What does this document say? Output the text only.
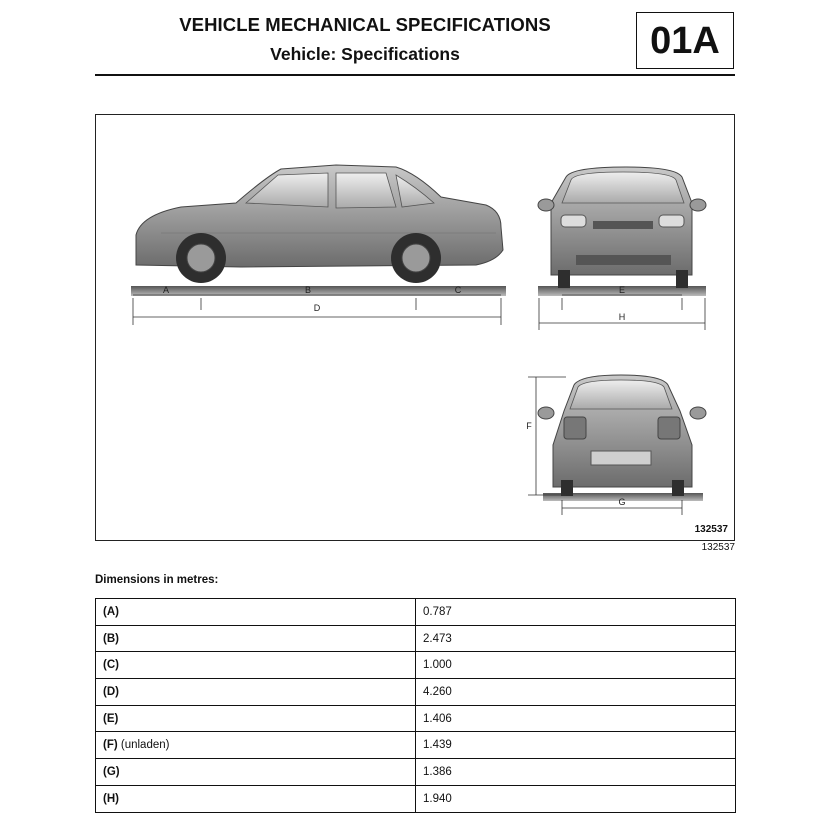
VEHICLE MECHANICAL SPECIFICATIONS
Vehicle: Specifications	01A
A	B	C
D
E
H
F
G
132537
132537
Dimensions in metres:
(A)	0.787
(B)	2.473
(C)	1.000
(D)	4.260
(E)	1.406
(F) (unladen)	1.439
(G)	1.386
(H)	1.940
